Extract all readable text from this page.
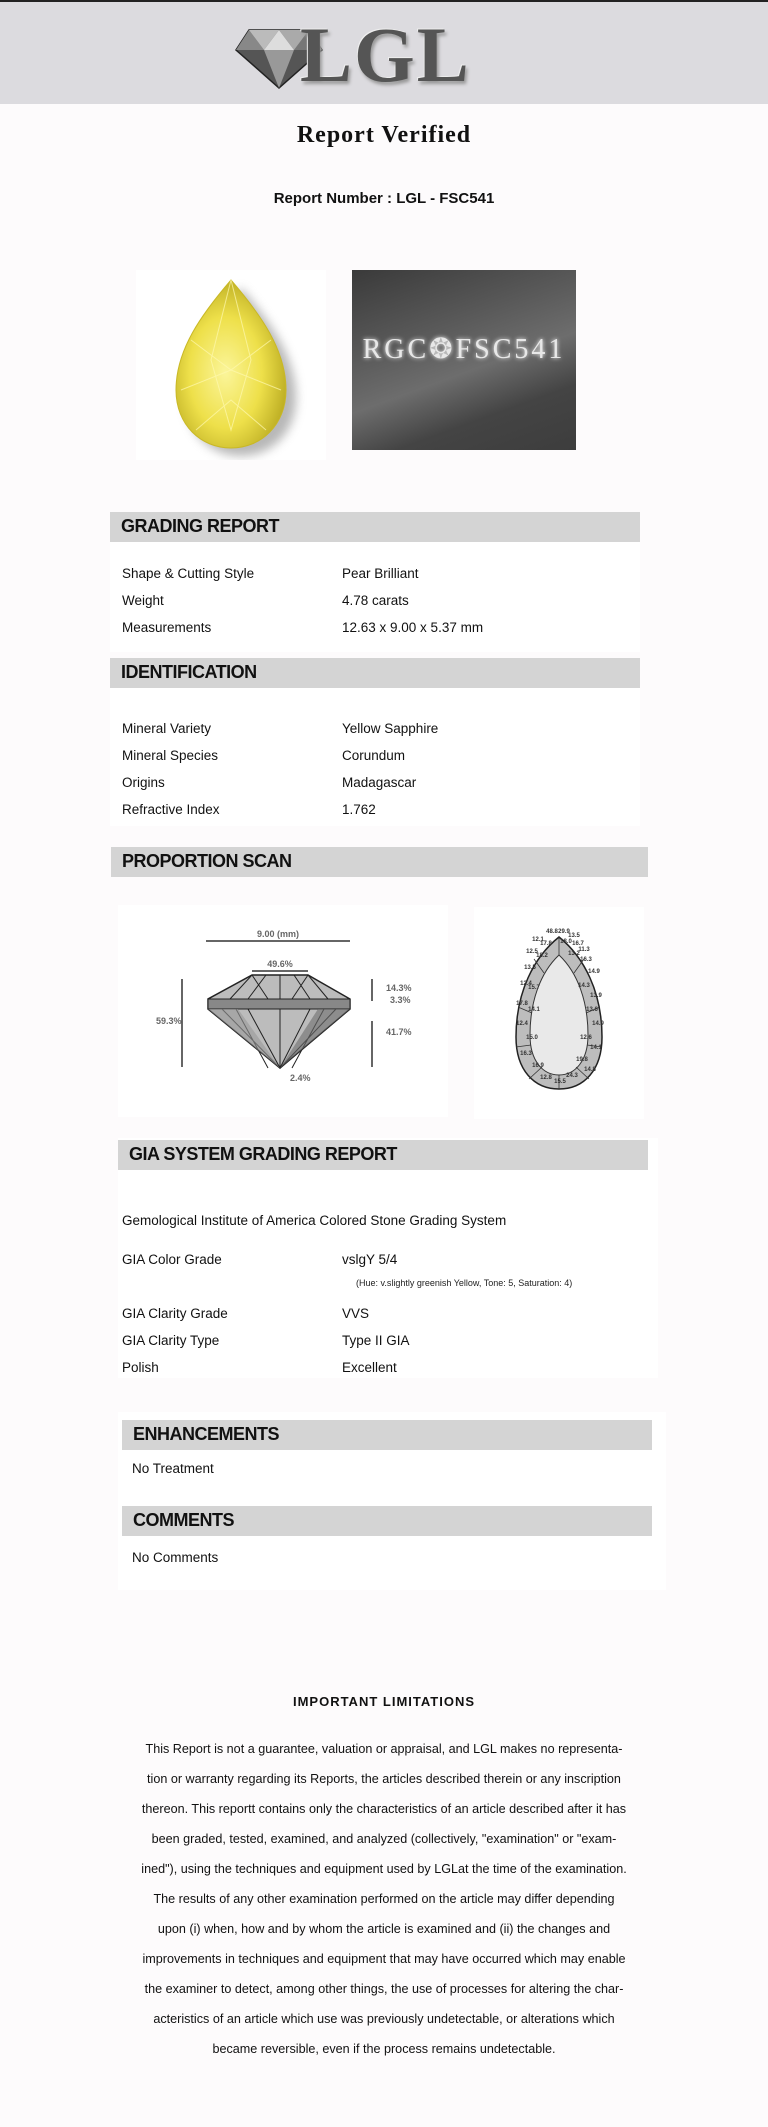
LGL
Report Verified
Report Number : LGL - FSC541
RGC❂FSC541
GRADING REPORT
Shape & Cutting Style	Pear Brilliant
Weight	4.78 carats
Measurements	12.63 x 9.00 x 5.37 mm
IDENTIFICATION
Mineral Variety	Yellow Sapphire
Mineral Species	Corundum
Origins	Madagascar
Refractive Index	1.762
PROPORTION SCAN
9.00 (mm)
49.6%
59.3%
14.3%
3.3%
41.7%
2.4%
48.8 29.9
13.5
12.1
17.8 18.0 16.7
11.3
12.5
18.2	13.2
16.3
13.5
14.9
12.4
15.7	14.3
13.9
17.8
14.1	13.6
14.9
12.4
15.0	12.6
14.1
16.3
16.9
19.8
14.8
12.8
15.5
24.3
GIA SYSTEM GRADING REPORT
Gemological Institute of America Colored Stone Grading System
GIA Color Grade	vslgY 5/4
(Hue: v.slightly greenish Yellow, Tone: 5, Saturation: 4)
GIA Clarity Grade	VVS
GIA Clarity Type	Type II GIA
Polish	Excellent
ENHANCEMENTS
No Treatment
COMMENTS
No Comments
IMPORTANT LIMITATIONS
This Report is not a guarantee, valuation or appraisal, and LGL makes no representa-
tion or warranty regarding its Reports, the articles described therein or any inscription
thereon. This reportt contains only the characteristics of an article described after it has
been graded, tested, examined, and analyzed (collectively, "examination" or "exam-
ined"), using the techniques and equipment used by LGLat the time of the examination.
The results of any other examination performed on the article may differ depending
upon (i) when, how and by whom the article is examined and (ii) the changes and
improvements in techniques and equipment that may have occurred which may enable
the examiner to detect, among other things, the use of processes for altering the char-
acteristics of an article which use was previously undetectable, or alterations which
became reversible, even if the process remains undetectable.
